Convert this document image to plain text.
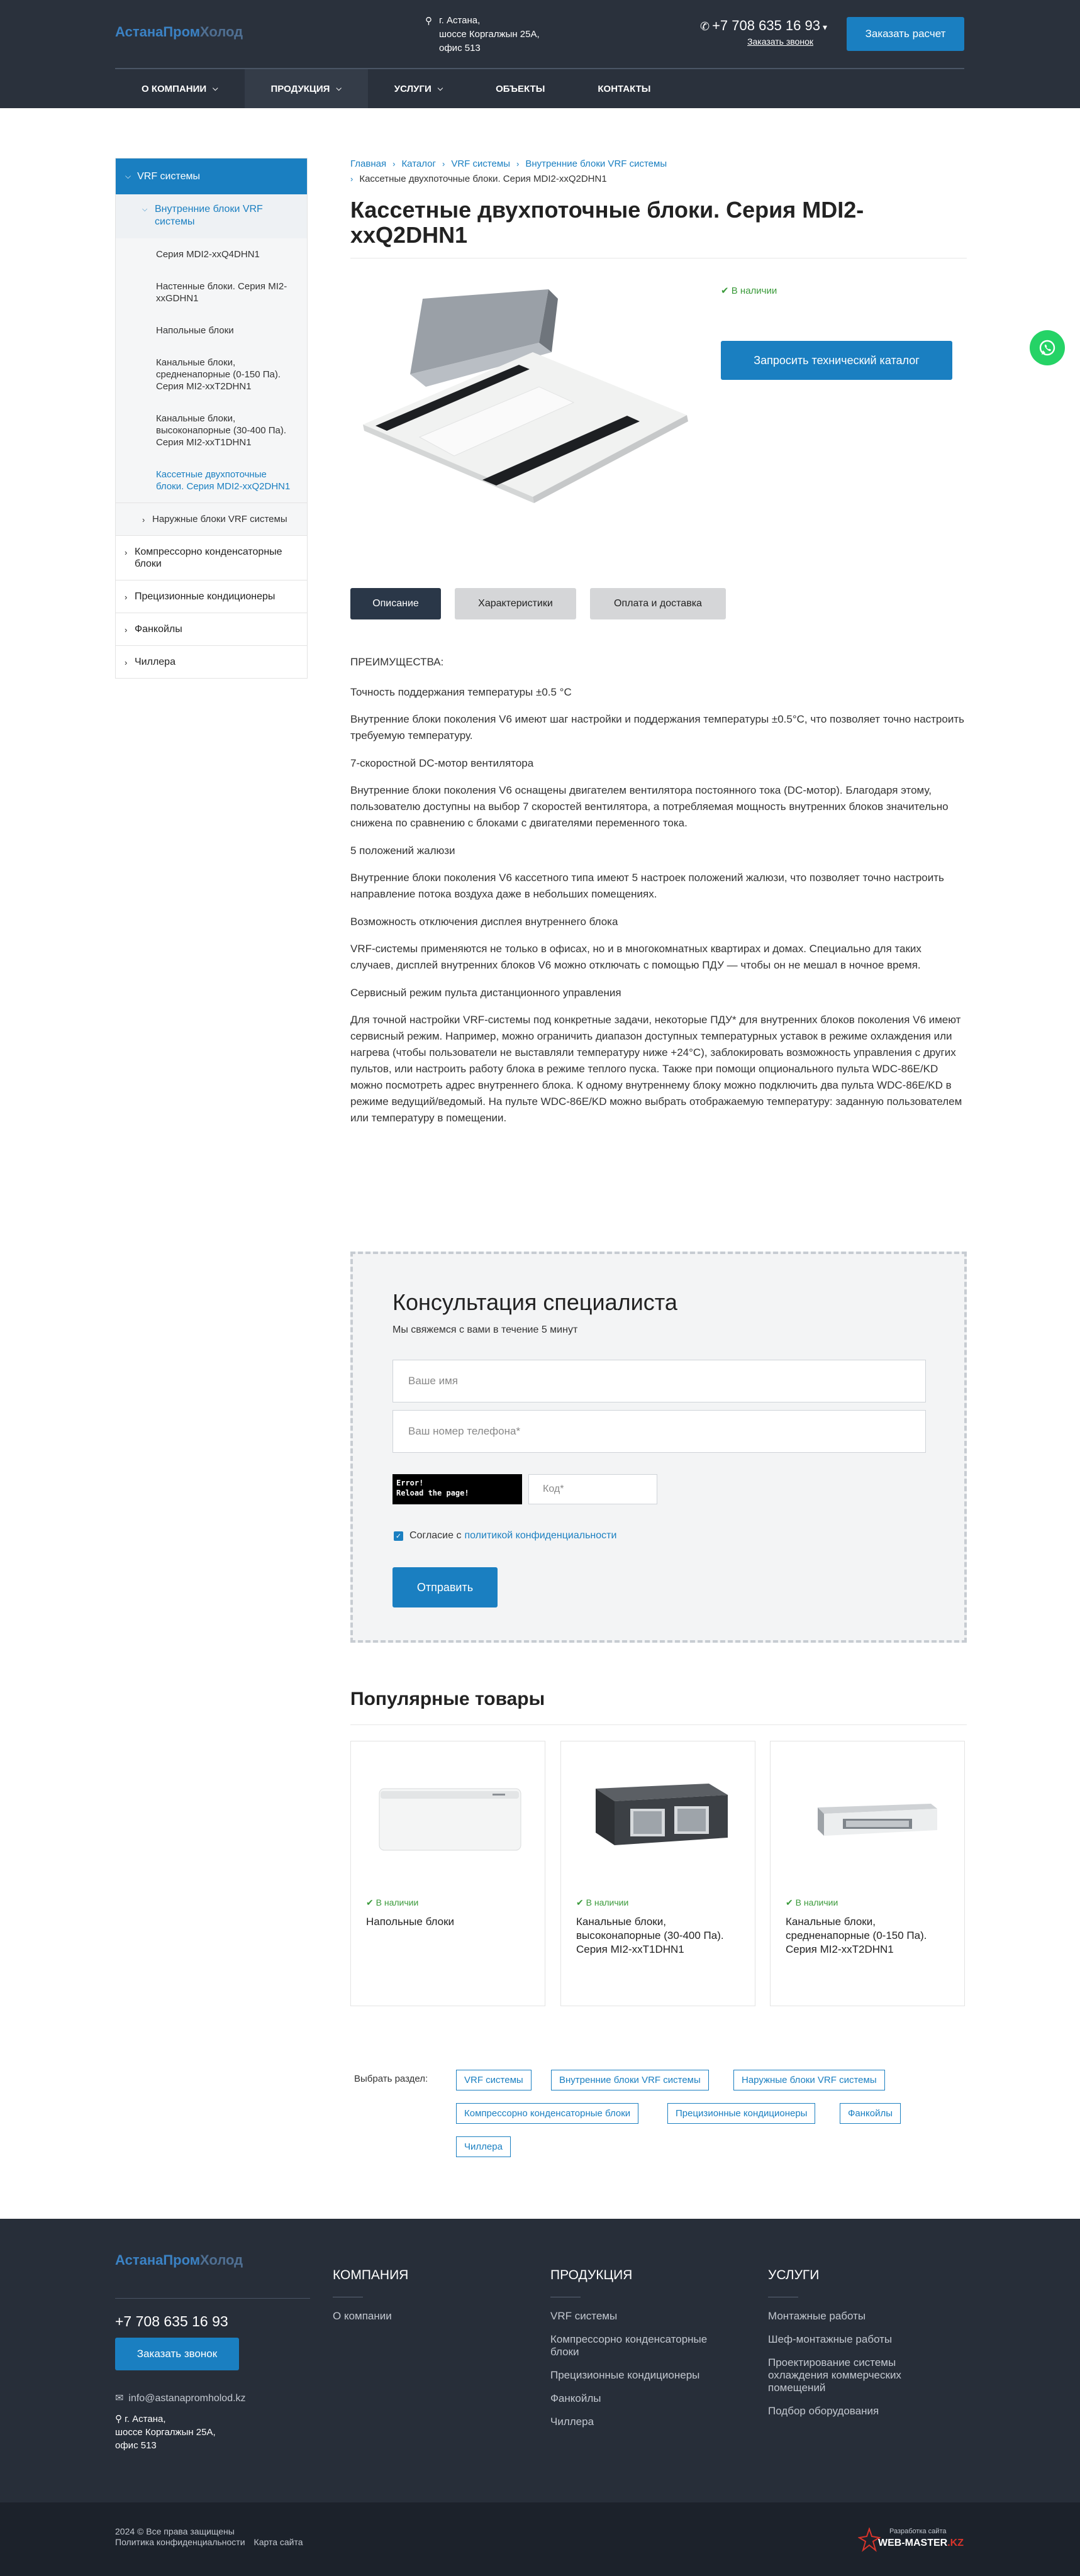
АстанаПромХолод
⚲ г. Астана,
шоссе Коргалжын 25А,
офис 513
✆ +7 708 635 16 93 ▾
Заказать звонок
Заказать расчет
О КОМПАНИИ ⌵	ПРОДУКЦИЯ ⌵	УСЛУГИ ⌵	ОБЪЕКТЫ	КОНТАКТЫ
⌵ VRF системы
⌵ Внутренние блоки VRF системы
Серия MDI2-xxQ4DHN1
Настенные блоки. Серия MI2-xxGDHN1
Напольные блоки
Канальные блоки, средненапорные (0-150 Па). Серия MI2-xxT2DHN1
Канальные блоки, высоконапорные (30-400 Па). Серия MI2-xxT1DHN1
Кассетные двухпоточные блоки. Серия MDI2-xxQ2DHN1
› Наружные блоки VRF системы
› Компрессорно конденсаторные блоки
› Прецизионные кондиционеры
› Фанкойлы
› Чиллера
Главная › Каталог › VRF системы › Внутренние блоки VRF системы
› Кассетные двухпоточные блоки. Серия MDI2-xxQ2DHN1
Кассетные двухпоточные блоки. Серия MDI2-xxQ2DHN1
✔ В наличии
Запросить технический каталог
Описание	Характеристики	Оплата и доставка

ПРЕИМУЩЕСТВА:

Точность поддержания температуры ±0.5 °С

Внутренние блоки поколения V6 имеют шаг настройки и поддержания температуры ±0.5°С, что позволяет точно настроить требуемую температуру.

7-скоростной DC-мотор вентилятора

Внутренние блоки поколения V6 оснащены двигателем вентилятора постоянного тока (DC-мотор). Благодаря этому, пользователю доступны на выбор 7 скоростей вентилятора, а потребляемая мощность внутренних блоков значительно снижена по сравнению с блоками с двигателями переменного тока.

5 положений жалюзи

Внутренние блоки поколения V6 кассетного типа имеют 5 настроек положений жалюзи, что позволяет точно настроить направление потока воздуха даже в небольших помещениях.

Возможность отключения дисплея внутреннего блока

VRF-системы применяются не только в офисах, но и в многокомнатных квартирах и домах. Специально для таких случаев, дисплей внутренних блоков V6 можно отключать с помощью ПДУ — чтобы он не мешал в ночное время.

Сервисный режим пульта дистанционного управления

Для точной настройки VRF-системы под конкретные задачи, некоторые ПДУ* для внутренних блоков поколения V6 имеют сервисный режим. Например, можно ограничить диапазон доступных температурных уставок в режиме охлаждения или нагрева (чтобы пользователи не выставляли температуру ниже +24°С), заблокировать возможность управления с других пультов, или настроить работу блока в режиме теплого пуска. Также при помощи опционального пульта WDC-86E/KD можно посмотреть адрес внутреннего блока. К одному внутреннему блоку можно подключить два пульта WDC-86E/KD в режиме ведущий/ведомый. На пульте WDC-86E/KD можно выбрать отображаемую температуру: заданную пользователем или температуру в помещении.

Консультация специалиста
Мы свяжемся с вами в течение 5 минут
Ваше имя
Ваш номер телефона*
Error!
Reload the page!	Код*
✓ Согласие с политикой конфиденциальности
Отправить
Популярные товары
✔ В наличии
Напольные блоки
✔ В наличии
Канальные блоки, высоконапорные (30-400 Па). Серия MI2-xxT1DHN1
✔ В наличии
Канальные блоки, средненапорные (0-150 Па). Серия MI2-xxT2DHN1
Выбрать раздел:	VRF системы	Внутренние блоки VRF системы	Наружные блоки VRF системы
Компрессорно конденсаторные блоки	Прецизионные кондиционеры	Фанкойлы
Чиллера
АстанаПромХолод
+7 708 635 16 93
Заказать звонок
✉ info@astanapromholod.kz
⚲ г. Астана,
шоссе Коргалжын 25А,
офис 513
КОМПАНИЯ
О компании
ПРОДУКЦИЯ
VRF системы
Компрессорно конденсаторные блоки
Прецизионные кондиционеры
Фанкойлы
Чиллера
УСЛУГИ
Монтажные работы
Шеф-монтажные работы
Проектирование системы охлаждения коммерческих помещений
Подбор оборудования
2024 © Все права защищены
Политика конфиденциальности Карта сайта
Разработка сайта
WEB-MASTER.KZ
